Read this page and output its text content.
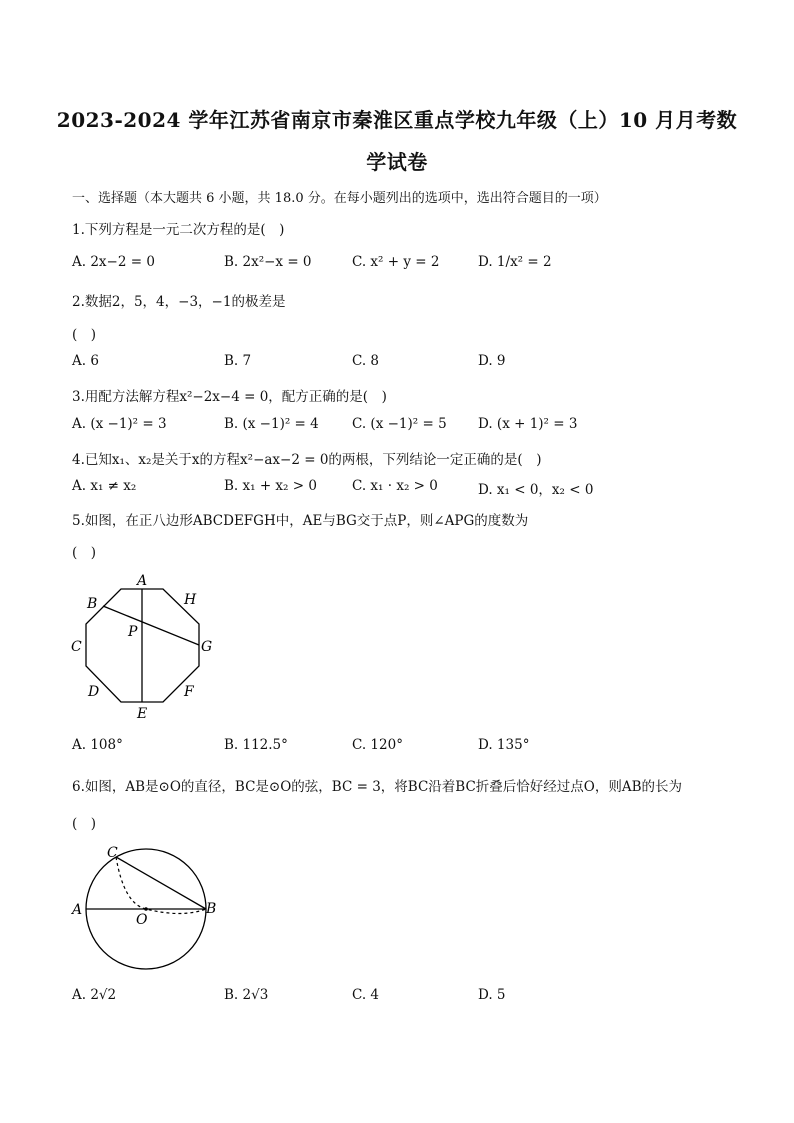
2023-2024 学年江苏省南京市秦淮区重点学校九年级（上）10 月月考数
学试卷
一、选择题（本大题共 6 小题，共 18.0 分。在每小题列出的选项中，选出符合题目的一项）
1.下列方程是一元二次方程的是(　)
A. 2x−2 = 0	B. 2x²−x = 0	C. x² + y = 2	D. 1/x² = 2
2.数据2，5，4，−3，−1的极差是
(　)
A. 6	B. 7	C. 8	D. 9
3.用配方法解方程x²−2x−4 = 0，配方正确的是(　)
A. (x −1)² = 3	B. (x −1)² = 4 C. (x −1)² = 5 D. (x + 1)² = 3
4.已知x₁、x₂是关于x的方程x²−ax−2 = 0的两根，下列结论一定正确的是(　)
A. x₁ ≠ x₂	B. x₁ + x₂ > 0	C. x₁ · x₂ > 0	D. x₁ < 0，x₂ < 0
5.如图，在正八边形ABCDEFGH中，AE与BG交于点P，则∠APG的度数为
(　)
A
H
B
P
C	G
D	F
E
A. 108°	B. 112.5°	C. 120°	D. 135°
6.如图，AB是⊙O的直径，BC是⊙O的弦，BC = 3，将BC沿着BC折叠后恰好经过点O，则AB的长为
(　)
C
A
O
B
A. 2√2	B. 2√3	C. 4	D. 5
